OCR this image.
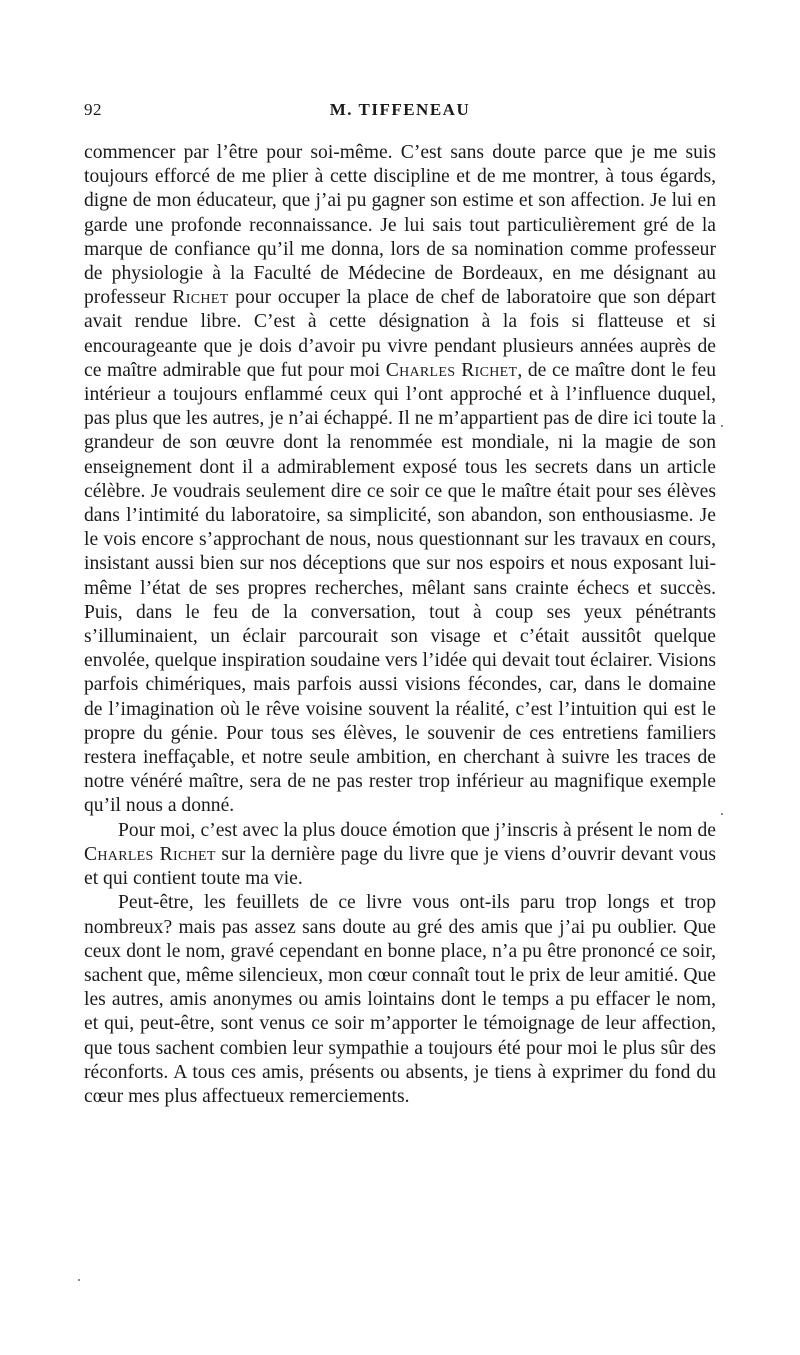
92	M. TIFFENEAU

commencer par l’être pour soi-même. C’est sans doute parce que je me suis toujours efforcé de me plier à cette discipline et de me montrer, à tous égards, digne de mon éducateur, que j’ai pu gagner son estime et son affection. Je lui en garde une profonde reconnaissance. Je lui sais tout particulièrement gré de la marque de confiance qu’il me donna, lors de sa nomination comme professeur de physiologie à la Faculté de Médecine de Bordeaux, en me désignant au professeur Richet pour occuper la place de chef de laboratoire que son départ avait rendue libre. C’est à cette désignation à la fois si flatteuse et si encourageante que je dois d’avoir pu vivre pendant plusieurs années auprès de ce maître admirable que fut pour moi Charles Richet, de ce maître dont le feu intérieur a toujours enflammé ceux qui l’ont approché et à l’influence duquel, pas plus que les autres, je n’ai échappé. Il ne m’appartient pas de dire ici toute la grandeur de son œuvre dont la renommée est mondiale, ni la magie de son enseignement dont il a admirablement exposé tous les secrets dans un article célèbre. Je voudrais seulement dire ce soir ce que le maître était pour ses élèves dans l’intimité du laboratoire, sa simplicité, son abandon, son enthousiasme. Je le vois encore s’approchant de nous, nous questionnant sur les travaux en cours, insistant aussi bien sur nos déceptions que sur nos espoirs et nous exposant lui-même l’état de ses propres recherches, mêlant sans crainte échecs et succès. Puis, dans le feu de la conversation, tout à coup ses yeux pénétrants s’illuminaient, un éclair parcourait son visage et c’était aussitôt quelque envolée, quelque inspiration soudaine vers l’idée qui devait tout éclairer. Visions parfois chimériques, mais parfois aussi visions fécondes, car, dans le domaine de l’imagination où le rêve voisine souvent la réalité, c’est l’intuition qui est le propre du génie. Pour tous ses élèves, le souvenir de ces entretiens familiers restera ineffaçable, et notre seule ambition, en cherchant à suivre les traces de notre vénéré maître, sera de ne pas rester trop inférieur au magnifique exemple qu’il nous a donné.

Pour moi, c’est avec la plus douce émotion que j’inscris à présent le nom de Charles Richet sur la dernière page du livre que je viens d’ouvrir devant vous et qui contient toute ma vie.

Peut-être, les feuillets de ce livre vous ont-ils paru trop longs et trop nombreux? mais pas assez sans doute au gré des amis que j’ai pu oublier. Que ceux dont le nom, gravé cependant en bonne place, n’a pu être prononcé ce soir, sachent que, même silencieux, mon cœur connaît tout le prix de leur amitié. Que les autres, amis anonymes ou amis lointains dont le temps a pu effacer le nom, et qui, peut-être, sont venus ce soir m’apporter le témoignage de leur affection, que tous sachent combien leur sympathie a toujours été pour moi le plus sûr des réconforts. A tous ces amis, présents ou absents, je tiens à exprimer du fond du cœur mes plus affectueux remerciements.
